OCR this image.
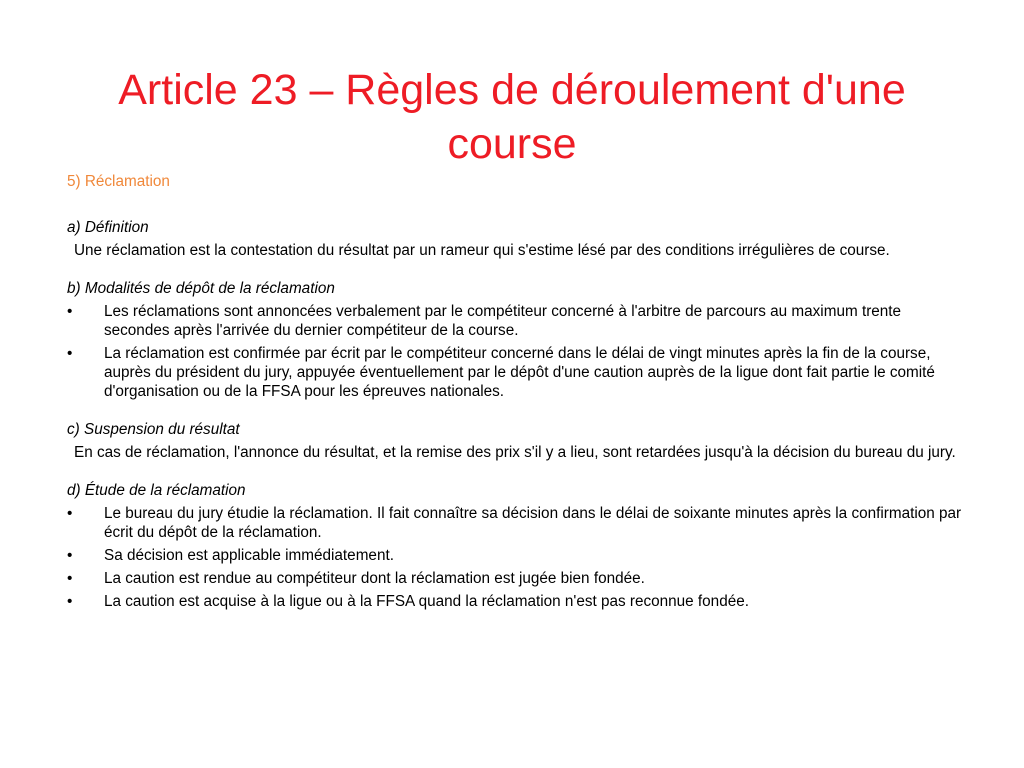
Article 23 – Règles de déroulement d'une course
5) Réclamation
a) Définition
Une réclamation est la contestation du résultat par un rameur qui s'estime lésé par des conditions irrégulières de course.
b) Modalités de dépôt de la réclamation
•	Les réclamations sont annoncées verbalement par le compétiteur concerné à l'arbitre de parcours au maximum trente secondes après l'arrivée du dernier compétiteur de la course.
•	La réclamation est confirmée par écrit par le compétiteur concerné dans le délai de vingt minutes après la fin de la course, auprès du président du jury, appuyée éventuellement par le dépôt d'une caution auprès de la ligue dont fait partie le comité d'organisation ou de la FFSA pour les épreuves nationales.
c) Suspension du résultat
En cas de réclamation, l'annonce du résultat, et la remise des prix s'il y a lieu, sont retardées jusqu'à la décision du bureau du jury.
d) Étude de la réclamation
•	Le bureau du jury étudie la réclamation. Il fait connaître sa décision dans le délai de soixante minutes après la confirmation par écrit du dépôt de la réclamation.
•	Sa décision est applicable immédiatement.
•	La caution est rendue au compétiteur dont la réclamation est jugée bien fondée.
•	La caution est acquise à la ligue ou à la FFSA quand la réclamation n'est pas reconnue fondée.
